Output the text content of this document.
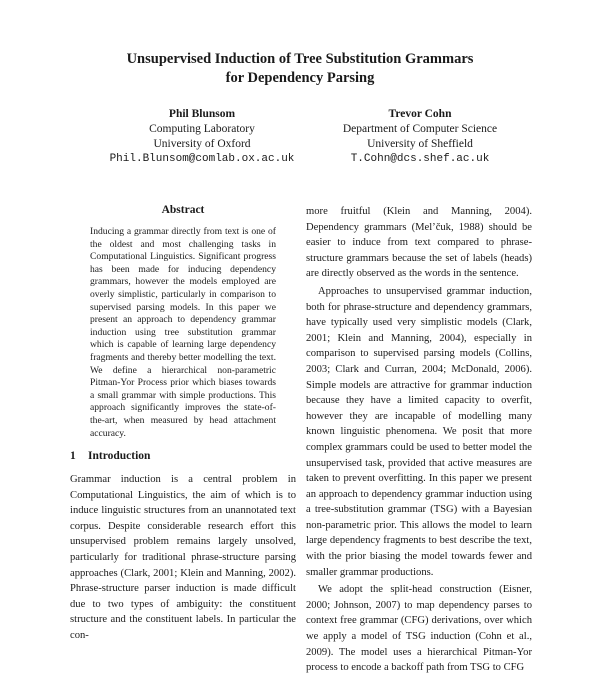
Unsupervised Induction of Tree Substitution Grammars
for Dependency Parsing
Phil Blunsom
Computing Laboratory
University of Oxford
Phil.Blunsom@comlab.ox.ac.uk
Trevor Cohn
Department of Computer Science
University of Sheffield
T.Cohn@dcs.shef.ac.uk
Abstract
Inducing a grammar directly from text is one of the oldest and most challenging tasks in Computational Linguistics. Significant progress has been made for inducing dependency grammars, however the models employed are overly simplistic, particularly in comparison to supervised parsing models. In this paper we present an approach to dependency grammar induction using tree substitution grammar which is capable of learning large dependency fragments and thereby better modelling the text. We define a hierarchical non-parametric Pitman-Yor Process prior which biases towards a small grammar with simple productions. This approach significantly improves the state-of-the-art, when measured by head attachment accuracy.
1 Introduction

Grammar induction is a central problem in Computational Linguistics, the aim of which is to induce linguistic structures from an unannotated text corpus. Despite considerable research effort this unsupervised problem remains largely unsolved, particularly for traditional phrase-structure parsing approaches (Clark, 2001; Klein and Manning, 2002). Phrase-structure parser induction is made difficult due to two types of ambiguity: the constituent structure and the constituent labels. In particular the con-

more fruitful (Klein and Manning, 2004). Dependency grammars (Mel’čuk, 1988) should be easier to induce from text compared to phrase-structure grammars because the set of labels (heads) are directly observed as the words in the sentence.

Approaches to unsupervised grammar induction, both for phrase-structure and dependency grammars, have typically used very simplistic models (Clark, 2001; Klein and Manning, 2004), especially in comparison to supervised parsing models (Collins, 2003; Clark and Curran, 2004; McDonald, 2006). Simple models are attractive for grammar induction because they have a limited capacity to overfit, however they are incapable of modelling many known linguistic phenomena. We posit that more complex grammars could be used to better model the unsupervised task, provided that active measures are taken to prevent overfitting. In this paper we present an approach to dependency grammar induction using a tree-substitution grammar (TSG) with a Bayesian non-parametric prior. This allows the model to learn large dependency fragments to best describe the text, with the prior biasing the model towards fewer and smaller grammar productions.

We adopt the split-head construction (Eisner, 2000; Johnson, 2007) to map dependency parses to context free grammar (CFG) derivations, over which we apply a model of TSG induction (Cohn et al., 2009). The model uses a hierarchical Pitman-Yor process to encode a backoff path from TSG to CFG
